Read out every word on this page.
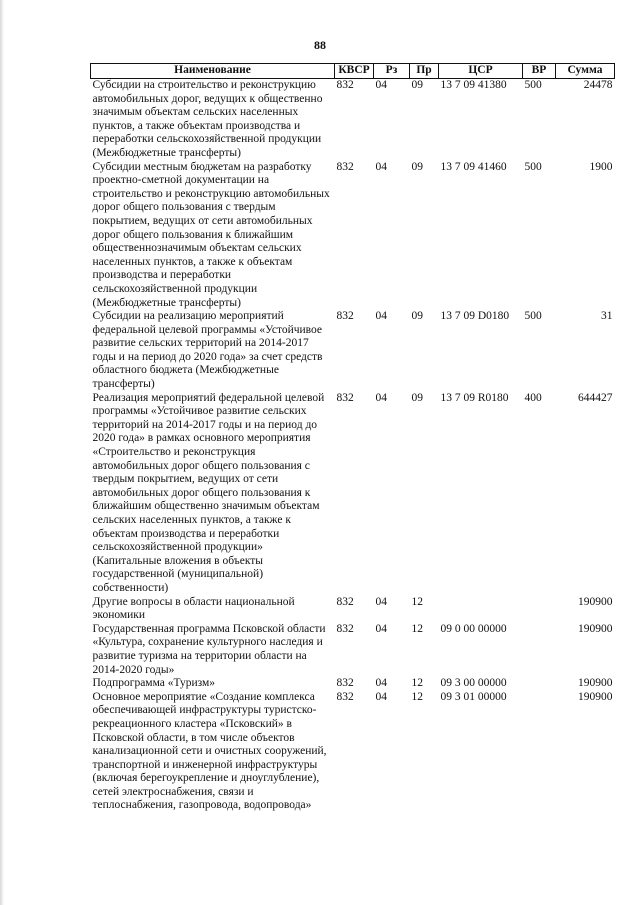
88
Наименование	КВСР	Рз	Пр	ЦСР	ВР	Сумма
Субсидии на строительство и реконструкцию автомобильных дорог, ведущих к общественно значимым объектам сельских населенных пунктов, а также объектам производства и переработки сельскохозяйственной продукции (Межбюджетные трансферты)	832	04	09	13 7 09 41380	500	24478
Субсидии местным бюджетам на разработку проектно-сметной документации на строительство и реконструкцию автомобильных дорог общего пользования с твердым покрытием, ведущих от сети автомобильных дорог общего пользования к ближайшим общественнозначимым объектам сельских населенных пунктов, а также к объектам производства и переработки сельскохозяйственной продукции (Межбюджетные трансферты)	832	04	09	13 7 09 41460	500	1900
Субсидии на реализацию мероприятий федеральной целевой программы «Устойчивое развитие сельских территорий на 2014-2017 годы и на период до 2020 года» за счет средств областного бюджета (Межбюджетные трансферты)	832	04	09	13 7 09 D0180	500	31
Реализация мероприятий федеральной целевой программы «Устойчивое развитие сельских территорий на 2014-2017 годы и на период до 2020 года» в рамках основного мероприятия «Строительство и реконструкция автомобильных дорог общего пользования с твердым покрытием, ведущих от сети автомобильных дорог общего пользования к ближайшим общественно значимым объектам сельских населенных пунктов, а также к объектам производства и переработки сельскохозяйственной продукции» (Капитальные вложения в объекты государственной (муниципальной) собственности)	832	04	09	13 7 09 R0180	400	644427
Другие вопросы в области национальной экономики	832	04	12			190900
Государственная программа Псковской области «Культура, сохранение культурного наследия и развитие туризма на территории области на 2014-2020 годы»	832	04	12	09 0 00 00000		190900
Подпрограмма «Туризм»	832	04	12	09 3 00 00000		190900
Основное мероприятие «Создание комплекса обеспечивающей инфраструктуры туристско-рекреационного кластера «Псковский» в Псковской области, в том числе объектов канализационной сети и очистных сооружений, транспортной и инженерной инфраструктуры (включая берегоукрепление и дноуглубление), сетей электроснабжения, связи и теплоснабжения, газопровода, водопровода»	832	04	12	09 3 01 00000		190900
